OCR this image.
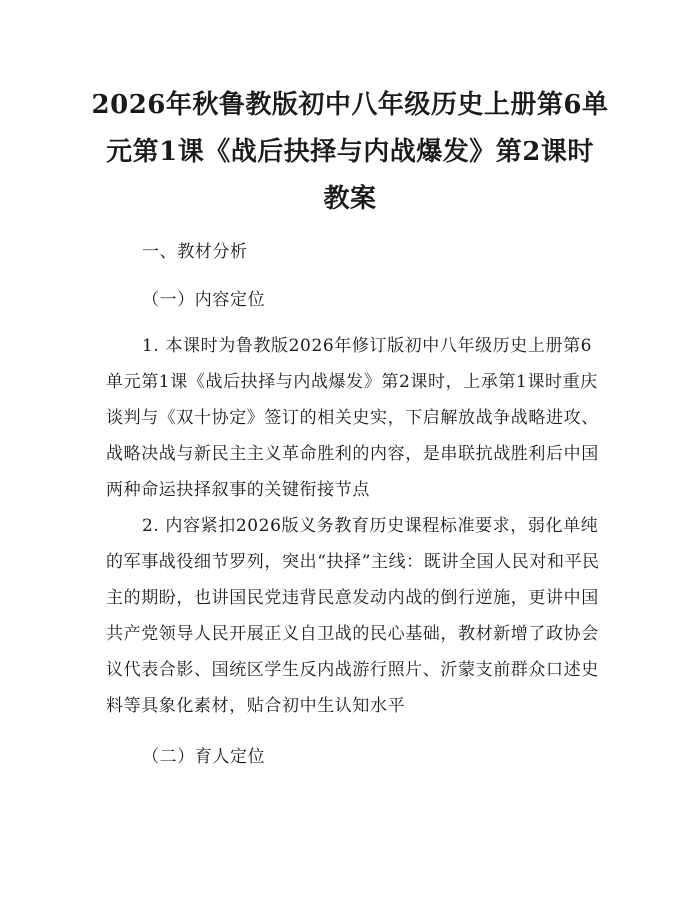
2026年秋鲁教版初中八年级历史上册第6单
元第1课《战后抉择与内战爆发》第2课时
教案

一、教材分析

（一）内容定位

1. 本课时为鲁教版2026年修订版初中八年级历史上册第6单元第1课《战后抉择与内战爆发》第2课时，上承第1课时重庆谈判与《双十协定》签订的相关史实，下启解放战争战略进攻、战略决战与新民主主义革命胜利的内容，是串联抗战胜利后中国两种命运抉择叙事的关键衔接节点

2. 内容紧扣2026版义务教育历史课程标准要求，弱化单纯的军事战役细节罗列，突出“抉择”主线：既讲全国人民对和平民主的期盼，也讲国民党违背民意发动内战的倒行逆施，更讲中国共产党领导人民开展正义自卫战的民心基础，教材新增了政协会议代表合影、国统区学生反内战游行照片、沂蒙支前群众口述史料等具象化素材，贴合初中生认知水平

（二）育人定位
